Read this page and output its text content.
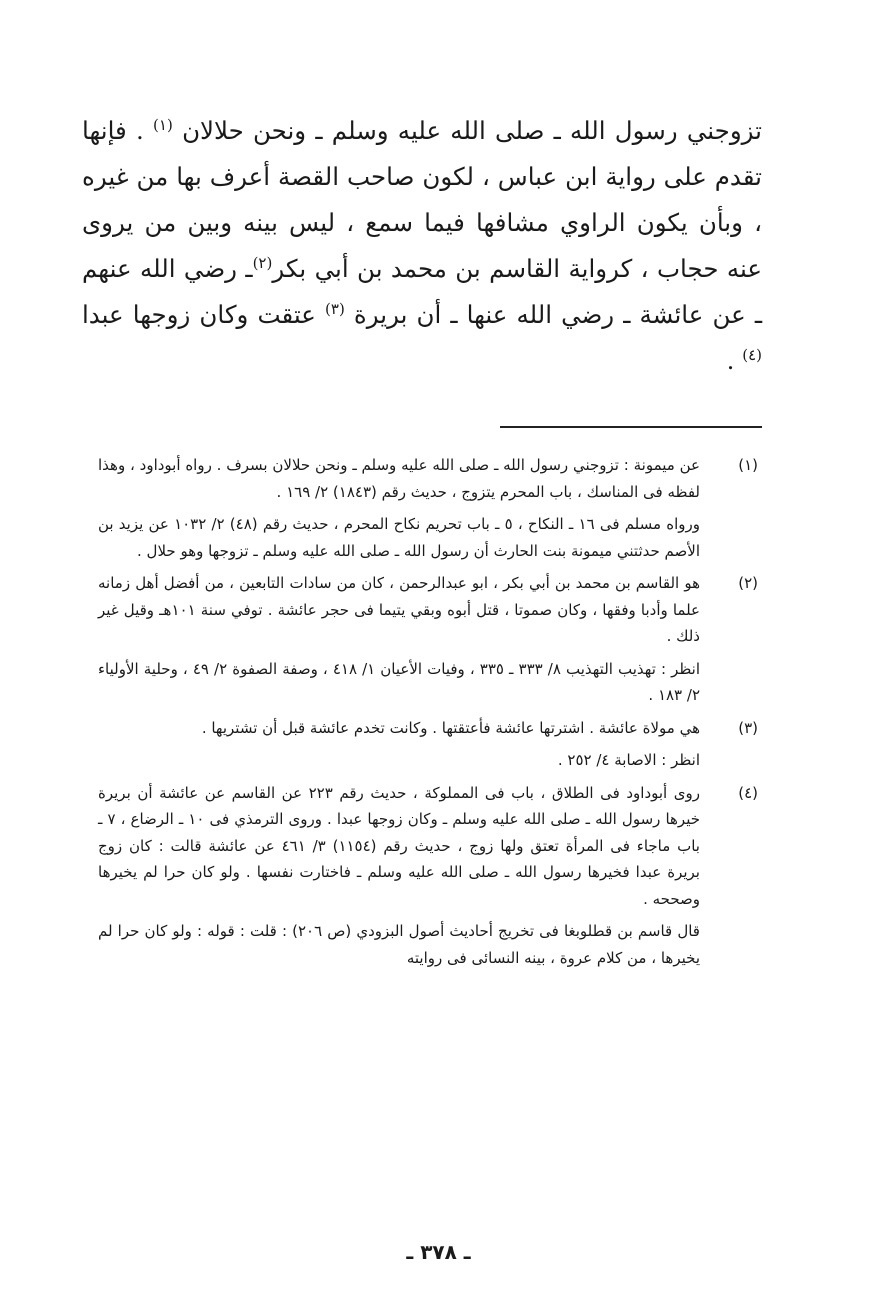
تزوجني رسول الله ـ صلى الله عليه وسلم ـ ونحن حلالان $^{(١)}$ . فإنها تقدم على رواية ابن عباس ، لكون صاحب القصة أعرف بها من غيره ، وبأن يكون الراوي مشافها فيما سمع ، ليس بينه وبين من يروى عنه حجاب ، كرواية القاسم بن محمد بن أبي بكر$^{(٢)}$ـ رضي الله عنهم ـ عن عائشة ـ رضي الله عنها ـ أن بريرة $^{(٣)}$ عتقت وكان زوجها عبدا $^{(٤)}$ .

(١)

عن ميمونة : تزوجني رسول الله ـ صلى الله عليه وسلم ـ ونحن حلالان بسرف . رواه أبوداود ، وهذا لفظه فى المناسك ، باب المحرم يتزوج ، حديث رقم (١٨٤٣) ٢/ ١٦٩ .

ورواه مسلم فى ١٦ ـ النكاح ، ٥ ـ باب تحريم نكاح المحرم ، حديث رقم (٤٨) ٢/ ١٠٣٢ عن يزيد بن الأصم حدثتني ميمونة بنت الحارث أن رسول الله ـ صلى الله عليه وسلم ـ تزوجها وهو حلال .

(٢)

هو القاسم بن محمد بن أبي بكر ، ابو عبدالرحمن ، كان من سادات التابعين ، من أفضل أهل زمانه علما وأدبا وفقها ، وكان صموتا ، قتل أبوه وبقي يتيما فى حجر عائشة . توفي سنة ١٠١هـ وقيل غير ذلك .

انظر : تهذيب التهذيب ٨/ ٣٣٣ ـ ٣٣٥ ، وفيات الأعيان ١/ ٤١٨ ، وصفة الصفوة ٢/ ٤٩ ، وحلية الأولياء ٢/ ١٨٣ .

(٣)

هي مولاة عائشة . اشترتها عائشة فأعتقتها . وكانت تخدم عائشة قبل أن تشتريها .

انظر : الاصابة ٤/ ٢٥٢ .

(٤)

روى أبوداود فى الطلاق ، باب فى المملوكة ، حديث رقم ٢٢٣ عن القاسم عن عائشة أن بريرة خيرها رسول الله ـ صلى الله عليه وسلم ـ وكان زوجها عبدا . وروى الترمذي فى ١٠ ـ الرضاع ، ٧ ـ باب ماجاء فى المرأة تعتق ولها زوج ، حديث رقم (١١٥٤) ٣/ ٤٦١ عن عائشة قالت : كان زوج بريرة عبدا فخيرها رسول الله ـ صلى الله عليه وسلم ـ فاختارت نفسها . ولو كان حرا لم يخيرها وصححه .

قال قاسم بن قطلوبغا فى تخريج أحاديث أصول البزودي (ص ٢٠٦) : قلت : قوله : ولو كان حرا لم يخيرها ، من كلام عروة ، بينه النسائى فى روايته

ـ ٣٧٨ ـ
